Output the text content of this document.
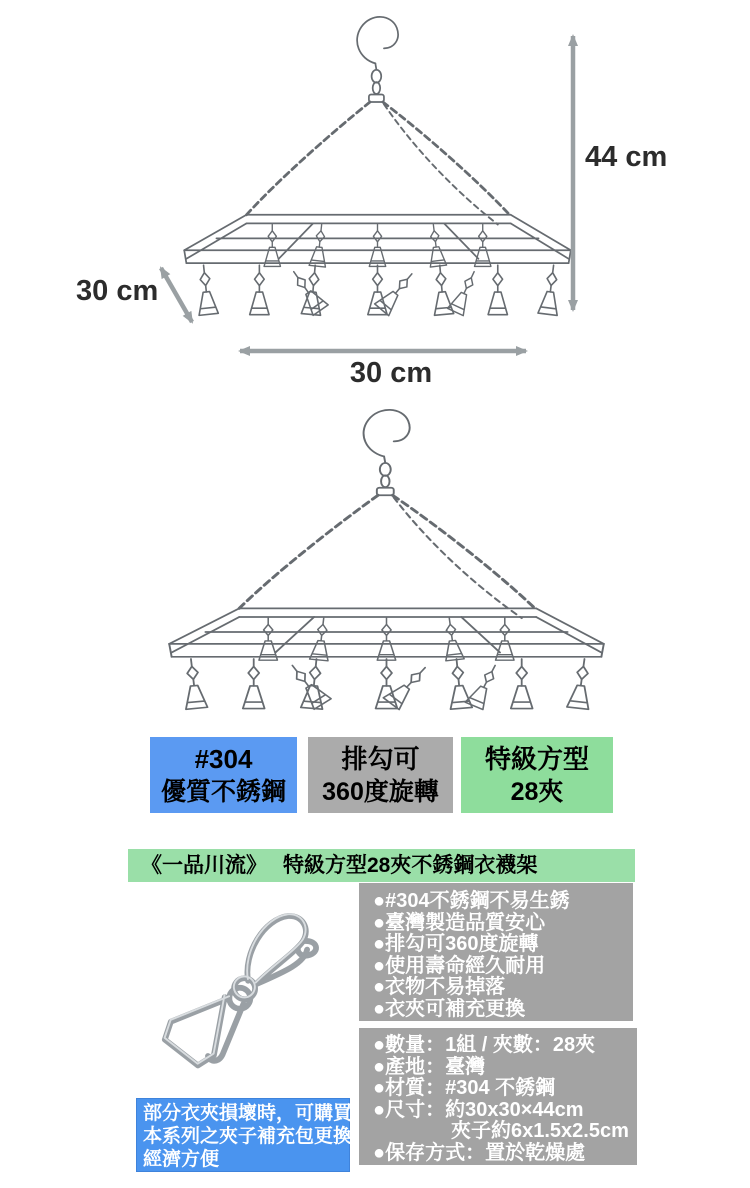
44 cm
30 cm
30 cm
#304
優質不銹鋼
排勾可
360度旋轉
特級方型
28夾
《一品川流》 特級方型28夾不銹鋼衣襪架
●#304不銹鋼不易生銹
●臺灣製造品質安心
●排勾可360度旋轉
●使用壽命經久耐用
●衣物不易掉落
●衣夾可補充更換
●數量：1組 / 夾數：28夾
●產地：臺灣
●材質：#304 不銹鋼
●尺寸：約30x30×44cm
夾子約6x1.5x2.5cm
●保存方式：置於乾燥處
部分衣夾損壞時，可購買
本系列之夾子補充包更換
經濟方便
